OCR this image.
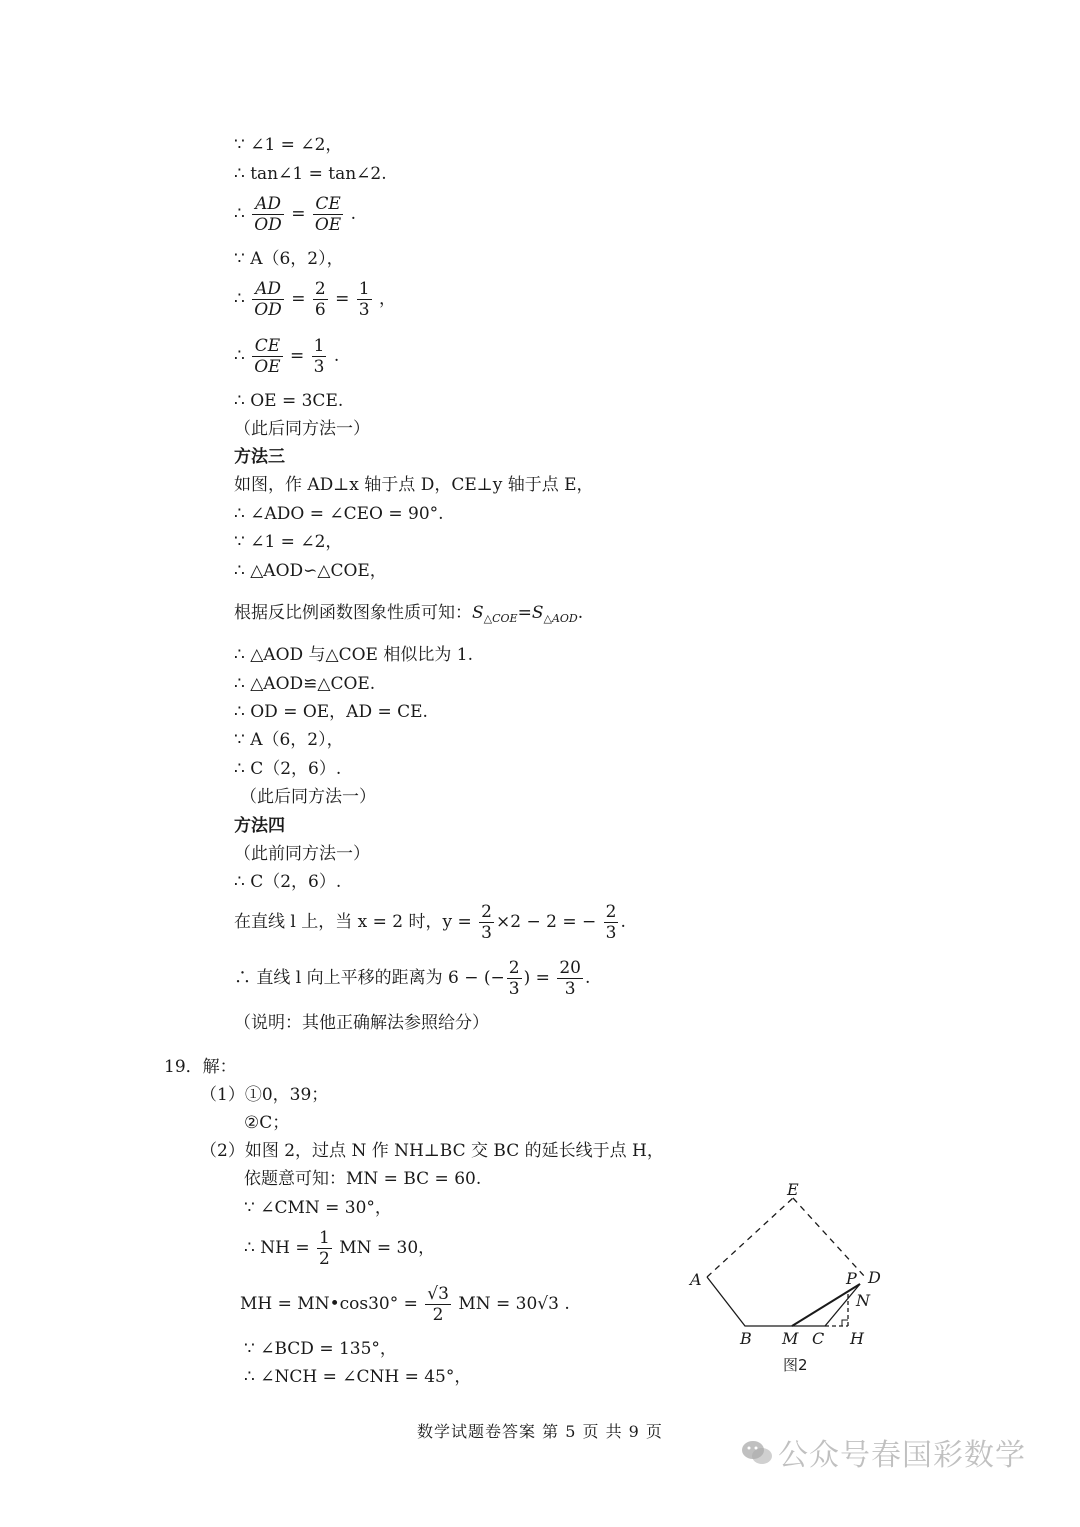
∵ ∠1 = ∠2，
∴ tan∠1 = tan∠2.
∴ $\frac{AD}{OD} = \frac{CE}{OE}$ .
∵ A（6，2），
∴ $\frac{AD}{OD} = \frac{2}{6} = \frac{1}{3}$ ，
∴ $\frac{CE}{OE} = \frac{1}{3}$ .
∴ OE = 3CE.
（此后同方法一）
方法三
如图，作 AD⊥x 轴于点 D，CE⊥y 轴于点 E，
∴ ∠ADO = ∠CEO = 90°.
∵ ∠1 = ∠2，
∴ △AOD∽△COE，
根据反比例函数图象性质可知：$S_{\triangle COE}=S_{\triangle AOD}$.
∴ △AOD 与△COE 相似比为 1.
∴ △AOD≌△COE.
∴ OD = OE，AD = CE.
∵ A（6，2），
∴ C（2，6）.
（此后同方法一）
方法四
（此前同方法一）
∴ C（2，6）.
在直线 l 上，当 x = 2 时，$y = \frac{2}{3} \times 2 - 2$ = − $\frac{2}{3}$ .
∴ 直线 l 向上平移的距离为 6 − (− $\frac{2}{3}$ ) = $\frac{20}{3}$ .
（说明：其他正确解法参照给分）
19．解：
（1）①0，39；
②C；
（2）如图 2，过点 N 作 NH⊥BC 交 BC 的延长线于点 H，
依题意可知：MN = BC = 60.
∵ ∠CMN = 30°，
∴ NH = $\frac{1}{2}$ MN = 30，
MH = MN•cos30° = $\frac{√3}{2}$ MN = 30√3 .
∵ ∠BCD = 135°，
∴ ∠NCH = ∠CNH = 45°，
E
A	P D
N
B M C H
图2
数学试题卷答案 第 5 页 共 9 页
公众号春国彩数学
